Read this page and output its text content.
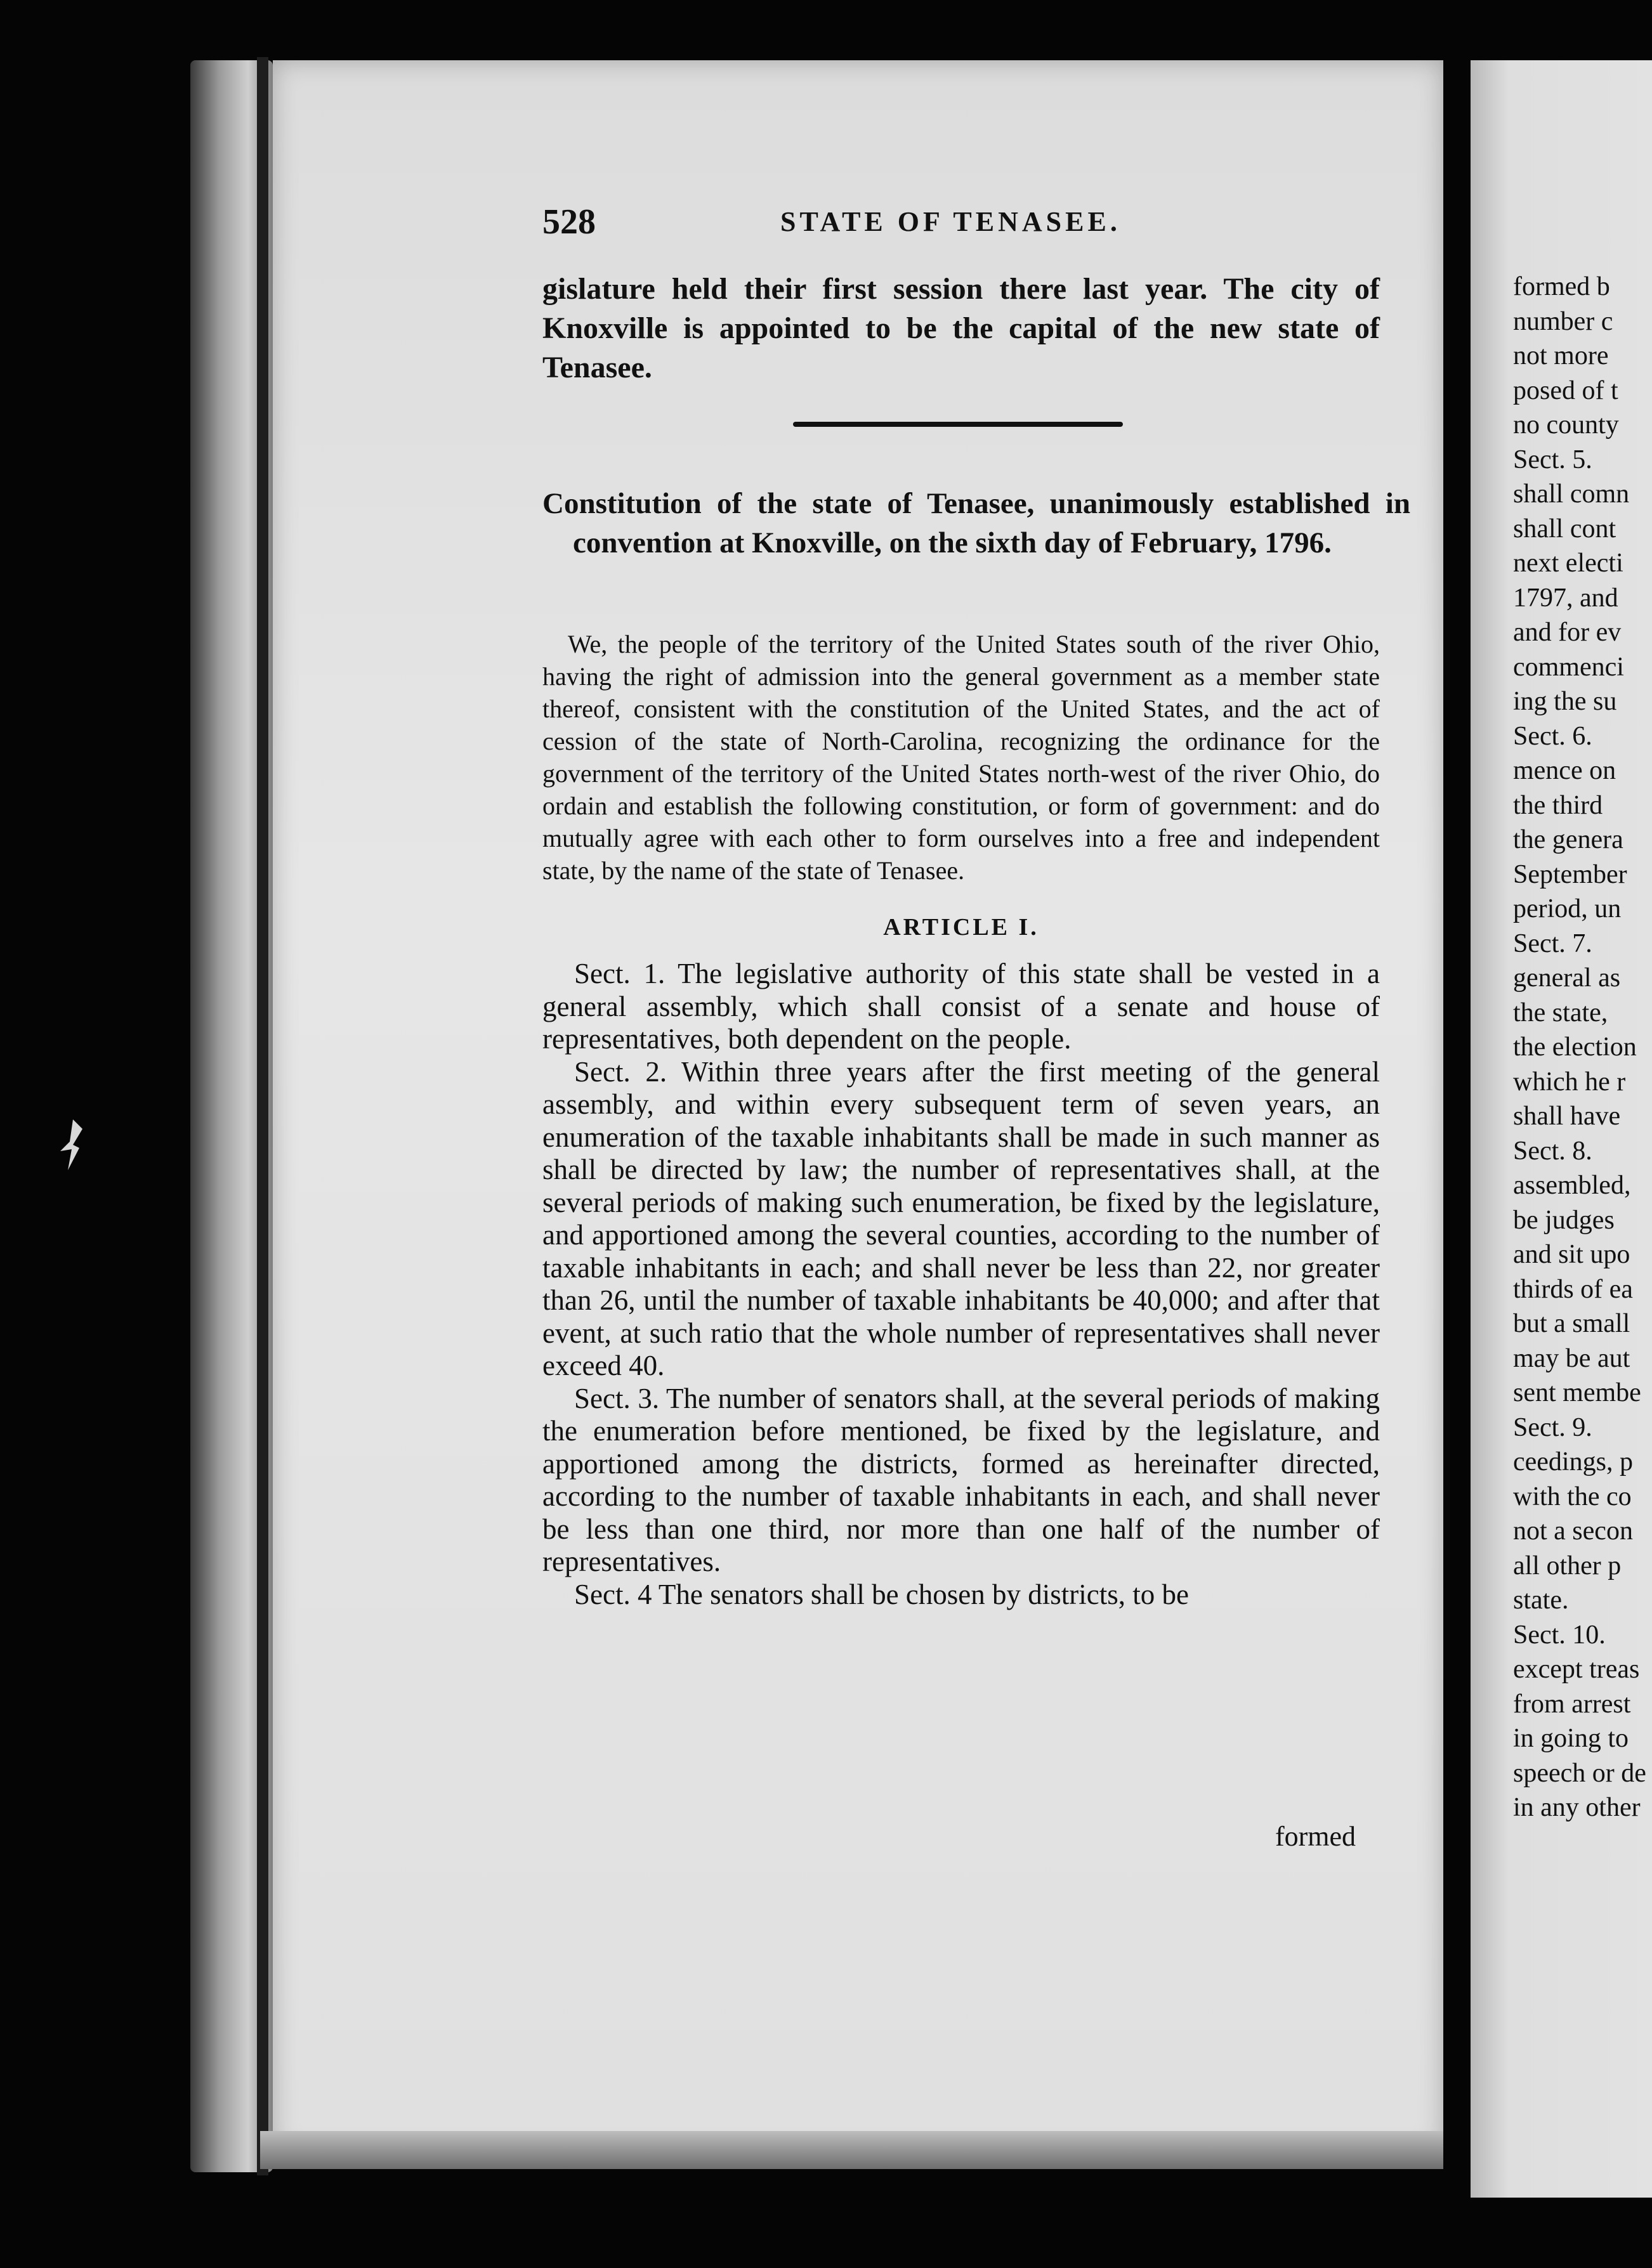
528	STATE OF TENASEE.

gislature held their first session there last year. The city of Knoxville is appointed to be the capital of the new state of Tenasee.

Constitution of the state of Tenasee, unanimously established in convention at Knoxville, on the sixth day of February, 1796.

We, the people of the territory of the United States south of the river Ohio, having the right of admission into the general government as a member state thereof, consistent with the constitution of the United States, and the act of cession of the state of North-Carolina, recognizing the ordinance for the government of the territory of the United States north-west of the river Ohio, do ordain and establish the following constitution, or form of government: and do mutually agree with each other to form ourselves into a free and independent state, by the name of the state of Tenasee.

ARTICLE I.

Sect. 1. The legislative authority of this state shall be vested in a general assembly, which shall consist of a senate and house of representatives, both dependent on the people.

Sect. 2. Within three years after the first meeting of the general assembly, and within every subsequent term of seven years, an enumeration of the taxable inhabitants shall be made in such manner as shall be directed by law; the number of representatives shall, at the several periods of making such enumeration, be fixed by the legislature, and apportioned among the several counties, according to the number of taxable inhabitants in each; and shall never be less than 22, nor greater than 26, until the number of taxable inhabitants be 40,000; and after that event, at such ratio that the whole number of representatives shall never exceed 40.

Sect. 3. The number of senators shall, at the several periods of making the enumeration before mentioned, be fixed by the legislature, and apportioned among the districts, formed as hereinafter directed, according to the number of taxable inhabitants in each, and shall never be less than one third, nor more than one half of the number of representatives.

Sect. 4 The senators shall be chosen by districts, to be

formed
formed b
number c
not more
posed of t
no county
Sect. 5.
shall comn
shall cont
next electi
1797, and
and for ev
commenci
ing the su
Sect. 6.
mence on
the third
the genera
September
period, un
Sect. 7.
general as
the state,
the election
which he r
shall have
Sect. 8.
assembled,
be judges
and sit upo
thirds of ea
but a small
may be aut
sent membe
Sect. 9.
ceedings, p
with the co
not a secon
all other p
state.
Sect. 10.
except treas
from arrest
in going to
speech or de
in any other
